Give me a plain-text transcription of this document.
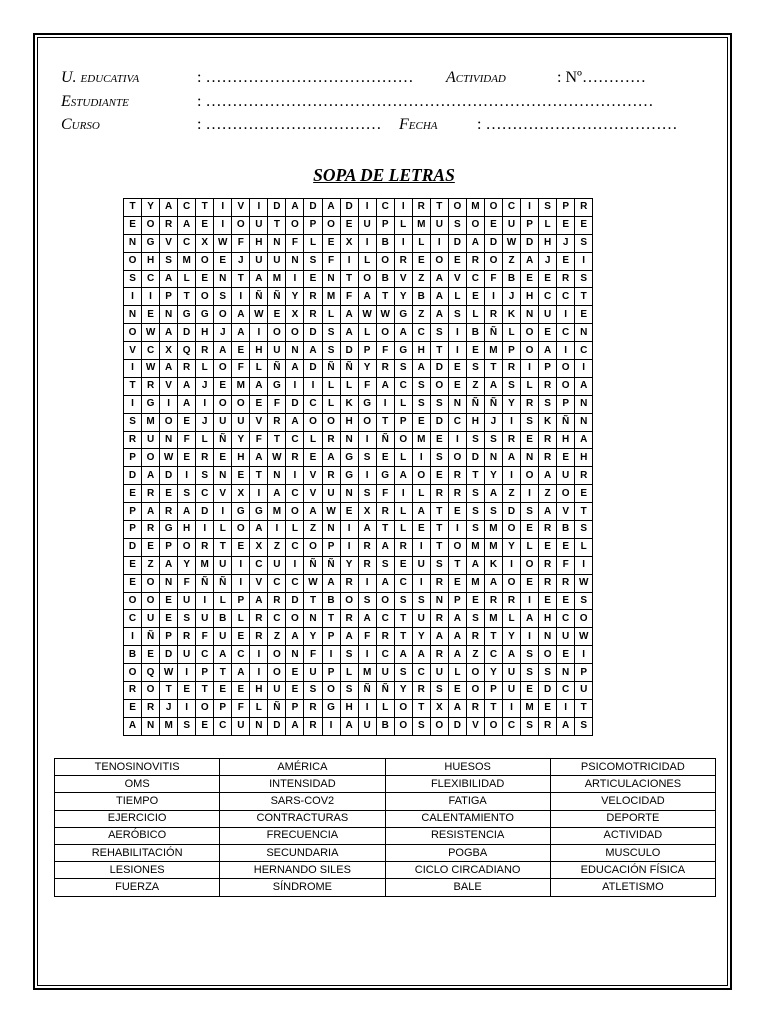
U. educativa	: ………………………………… Actividad	: Nº…………
Estudiante	: …………………………………………………………………………
Curso	: …………………………… Fecha : ………………………………
SOPA DE LETRAS
T	Y	A	C	T	I	V	I	D	A	D	A	D	I	C	I	R	T	O	M	O	C	I	S	P	R
E	O	R	A	E	I	O	U	T	O	P	O	E	U	P	L	M	U	S	O	E	U	P	L	E	E
N	G	V	C	X	W	F	H	N	F	L	E	X	I	B	I	L	I	D	A	D	W	D	H	J	S
O	H	S	M	O	E	J	U	U	N	S	F	I	L	O	R	E	O	E	R	O	Z	A	J	E	I
S	C	A	L	E	N	T	A	M	I	E	N	T	O	B	V	Z	A	V	C	F	B	E	E	R	S
I	I	P	T	O	S	I	Ñ	Ñ	Y	R	M	F	A	T	Y	B	A	L	E	I	J	H	C	C	T
N	E	N	G	G	O	A	W	E	X	R	L	A	W	W	G	Z	A	S	L	R	K	N	U	I	E
O	W	A	D	H	J	A	I	O	O	D	S	A	L	O	A	C	S	I	B	Ñ	L	O	E	C	N
V	C	X	Q	R	A	E	H	U	N	A	S	D	P	F	G	H	T	I	E	M	P	O	A	I	C
I	W	A	R	L	O	F	L	Ñ	A	D	Ñ	Ñ	Y	R	S	A	D	E	S	T	R	I	P	O	I
T	R	V	A	J	E	M	A	G	I	I	L	L	F	A	C	S	O	E	Z	A	S	L	R	O	A
I	G	I	A	I	O	O	E	F	D	C	L	K	G	I	L	S	S	N	Ñ	Ñ	Y	R	S	P	N
S	M	O	E	J	U	U	V	R	A	O	O	H	O	T	P	E	D	C	H	J	I	S	K	Ñ	N
R	U	N	F	L	Ñ	Y	F	T	C	L	R	N	I	Ñ	O	M	E	I	S	S	R	E	R	H	A
P	O	W	E	R	E	H	A	W	R	E	A	G	S	E	L	I	S	O	D	N	A	N	R	E	H
D	A	D	I	S	N	E	T	N	I	V	R	G	I	G	A	O	E	R	T	Y	I	O	A	U	R
E	R	E	S	C	V	X	I	A	C	V	U	N	S	F	I	L	R	R	S	A	Z	I	Z	O	E
P	A	R	A	D	I	G	G	M	O	A	W	E	X	R	L	A	T	E	S	S	D	S	A	V	T
P	R	G	H	I	L	O	A	I	L	Z	N	I	A	T	L	E	T	I	S	M	O	E	R	B	S
D	E	P	O	R	T	E	X	Z	C	O	P	I	R	A	R	I	T	O	M	M	Y	L	E	E	L
E	Z	A	Y	M	U	I	C	U	I	Ñ	Ñ	Y	R	S	E	U	S	T	A	K	I	O	R	F	I
E	O	N	F	Ñ	Ñ	I	V	C	C	W	A	R	I	A	C	I	R	E	M	A	O	E	R	R	W
O	O	E	U	I	L	P	A	R	D	T	B	O	S	O	S	S	N	P	E	R	R	I	E	E	S
C	U	E	S	U	B	L	R	C	O	N	T	R	A	C	T	U	R	A	S	M	L	A	H	C	O
I	Ñ	P	R	F	U	E	R	Z	A	Y	P	A	F	R	T	Y	A	A	R	T	Y	I	N	U	W
B	E	D	U	C	A	C	I	O	N	F	I	S	I	C	A	A	R	A	Z	C	A	S	O	E	I
O	Q	W	I	P	T	A	I	O	E	U	P	L	M	U	S	C	U	L	O	Y	U	S	S	N	P
R	O	T	E	T	E	E	H	U	E	S	O	S	Ñ	Ñ	Y	R	S	E	O	P	U	E	D	C	U
E	R	J	I	O	P	F	L	Ñ	P	R	G	H	I	L	O	T	X	A	R	T	I	M	E	I	T
A	N	M	S	E	C	U	N	D	A	R	I	A	U	B	O	S	O	D	V	O	C	S	R	A	S
TENOSINOVITIS	AMÉRICA	HUESOS	PSICOMOTRICIDAD
OMS	INTENSIDAD	FLEXIBILIDAD	ARTICULACIONES
TIEMPO	SARS-COV2	FATIGA	VELOCIDAD
EJERCICIO	CONTRACTURAS	CALENTAMIENTO	DEPORTE
AERÓBICO	FRECUENCIA	RESISTENCIA	ACTIVIDAD
REHABILITACIÓN	SECUNDARIA	POGBA	MUSCULO
LESIONES	HERNANDO SILES	CICLO CIRCADIANO	EDUCACIÓN FÍSICA
FUERZA	SÍNDROME	BALE	ATLETISMO
